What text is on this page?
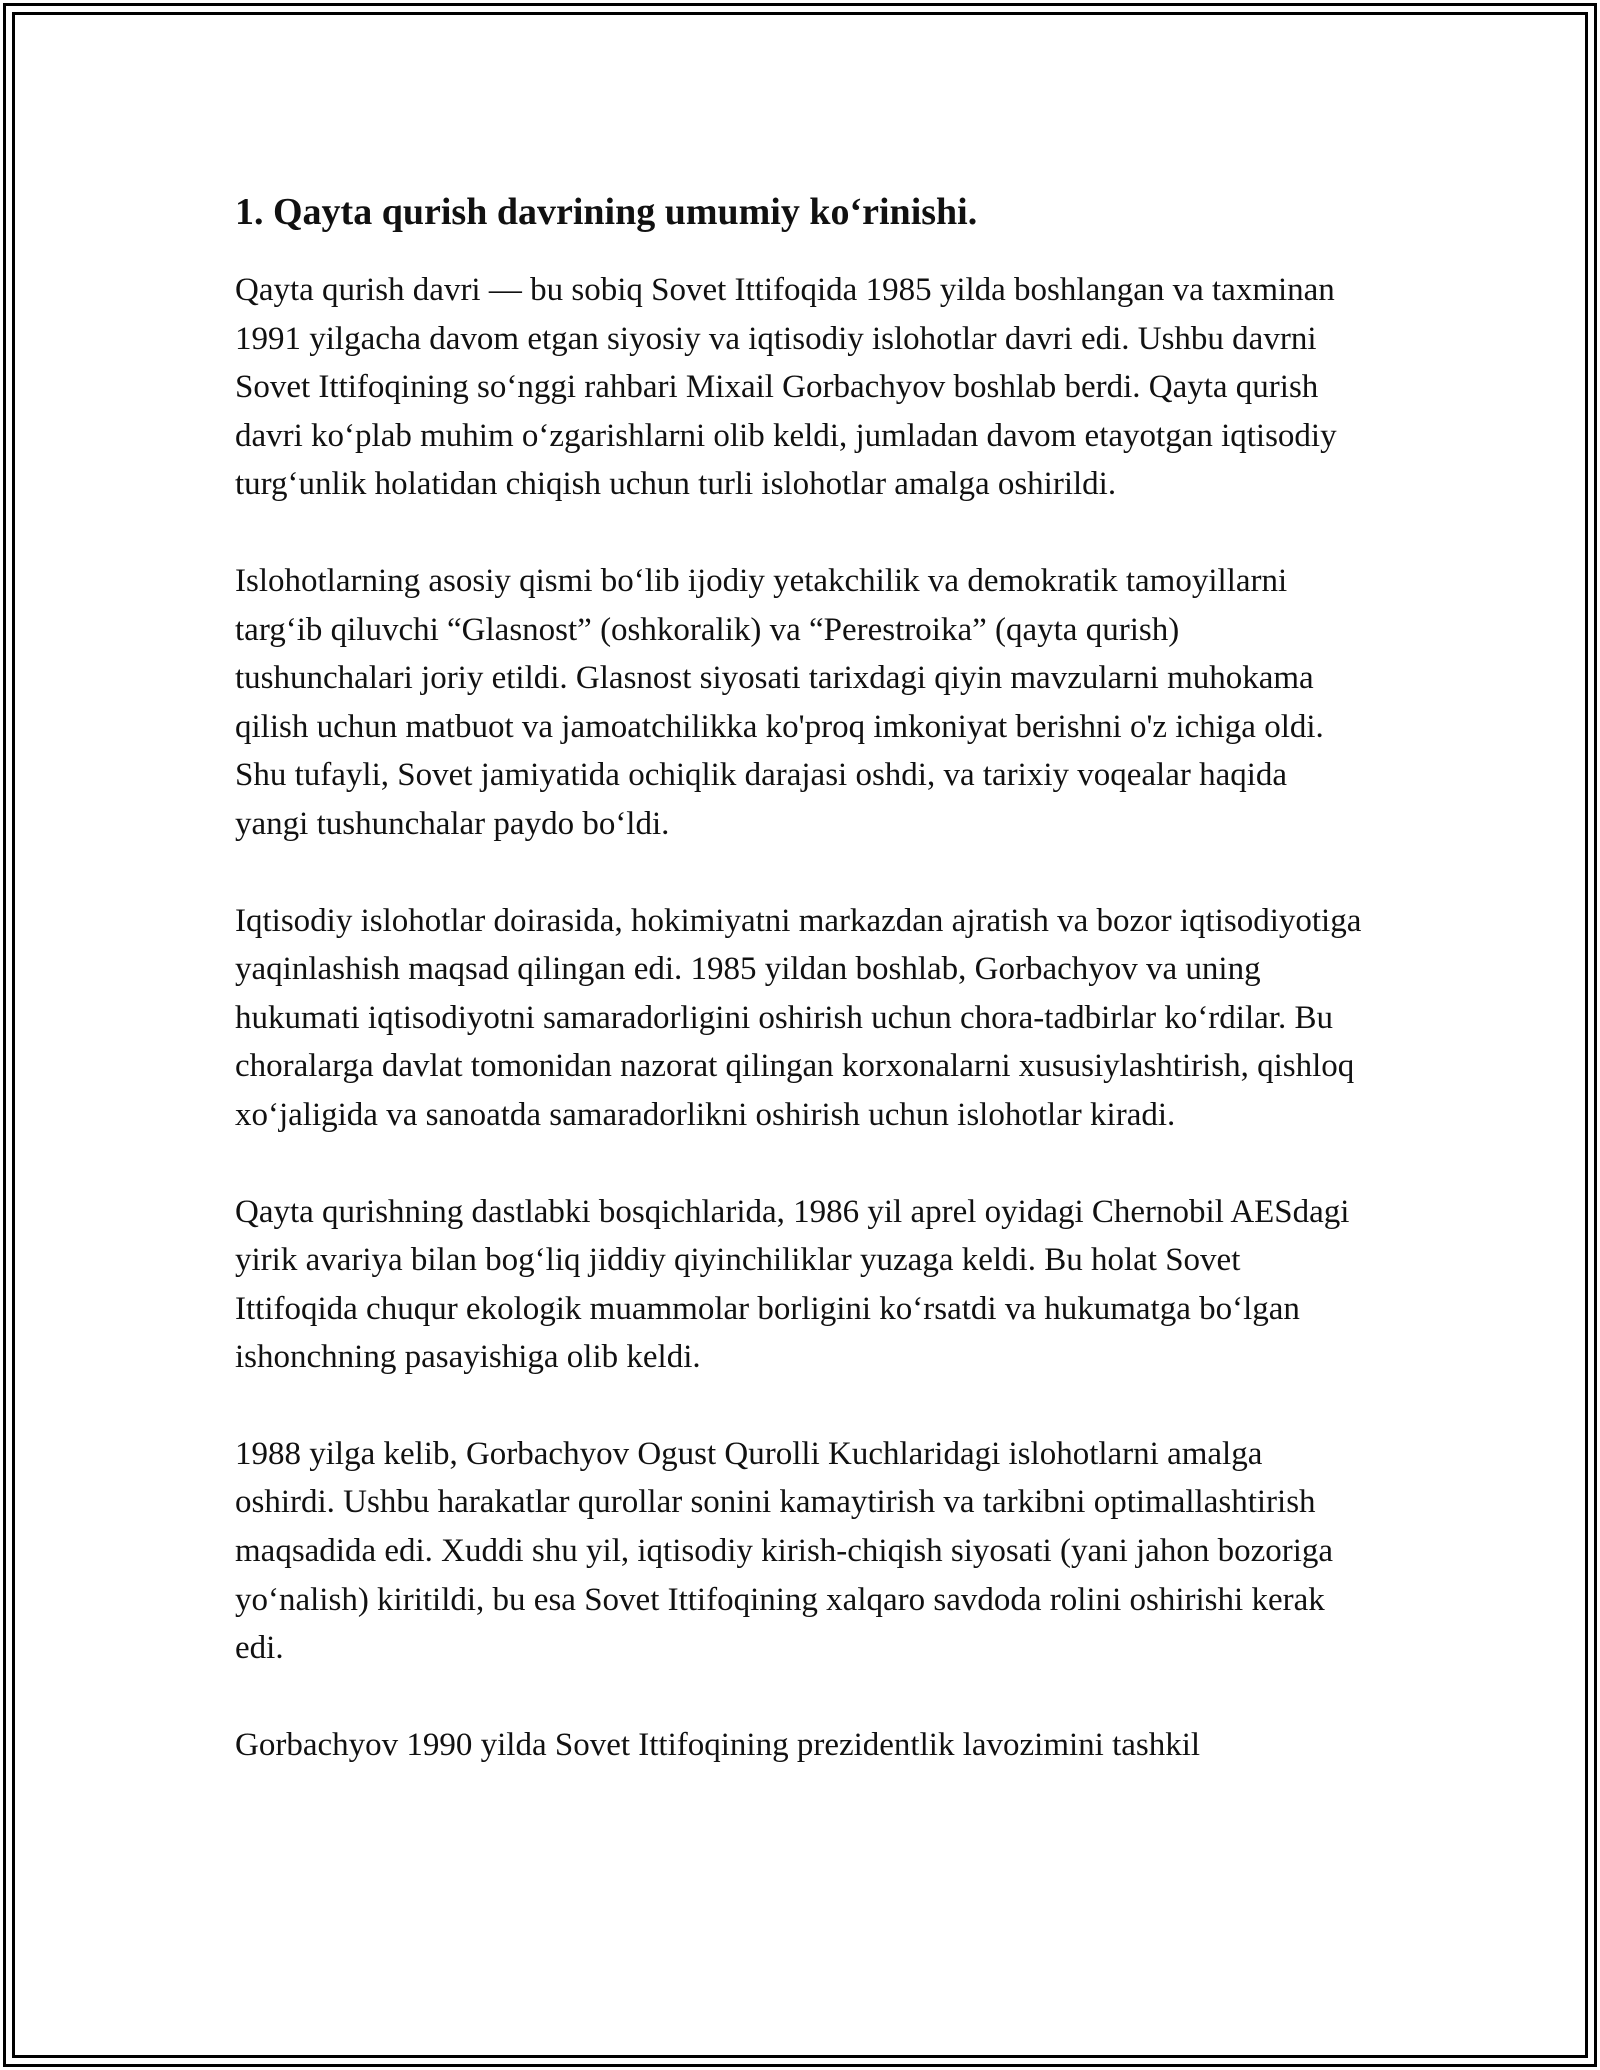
1. Qayta qurish davrining umumiy ko‘rinishi.

Qayta qurish davri — bu sobiq Sovet Ittifoqida 1985 yilda boshlangan va taxminan 1991 yilgacha davom etgan siyosiy va iqtisodiy islohotlar davri edi. Ushbu davrni Sovet Ittifoqining so‘nggi rahbari Mixail Gorbachyov boshlab berdi. Qayta qurish davri ko‘plab muhim o‘zgarishlarni olib keldi, jumladan davom etayotgan iqtisodiy turg‘unlik holatidan chiqish uchun turli islohotlar amalga oshirildi.

Islohotlarning asosiy qismi bo‘lib ijodiy yetakchilik va demokratik tamoyillarni targ‘ib qiluvchi “Glasnost” (oshkoralik) va “Perestroika” (qayta qurish) tushunchalari joriy etildi. Glasnost siyosati tarixdagi qiyin mavzularni muhokama qilish uchun matbuot va jamoatchilikka ko'proq imkoniyat berishni o'z ichiga oldi. Shu tufayli, Sovet jamiyatida ochiqlik darajasi oshdi, va tarixiy voqealar haqida yangi tushunchalar paydo bo‘ldi.

Iqtisodiy islohotlar doirasida, hokimiyatni markazdan ajratish va bozor iqtisodiyotiga yaqinlashish maqsad qilingan edi. 1985 yildan boshlab, Gorbachyov va uning hukumati iqtisodiyotni samaradorligini oshirish uchun chora-tadbirlar ko‘rdilar. Bu choralarga davlat tomonidan nazorat qilingan korxonalarni xususiylashtirish, qishloq xo‘jaligida va sanoatda samaradorlikni oshirish uchun islohotlar kiradi.

Qayta qurishning dastlabki bosqichlarida, 1986 yil aprel oyidagi Chernobil AESdagi yirik avariya bilan bog‘liq jiddiy qiyinchiliklar yuzaga keldi. Bu holat Sovet Ittifoqida chuqur ekologik muammolar borligini ko‘rsatdi va hukumatga bo‘lgan ishonchning pasayishiga olib keldi.

1988 yilga kelib, Gorbachyov Ogust Qurolli Kuchlaridagi islohotlarni amalga oshirdi. Ushbu harakatlar qurollar sonini kamaytirish va tarkibni optimallashtirish maqsadida edi. Xuddi shu yil, iqtisodiy kirish-chiqish siyosati (yani jahon bozoriga yo‘nalish) kiritildi, bu esa Sovet Ittifoqining xalqaro savdoda rolini oshirishi kerak edi.

Gorbachyov 1990 yilda Sovet Ittifoqining prezidentlik lavozimini tashkil
